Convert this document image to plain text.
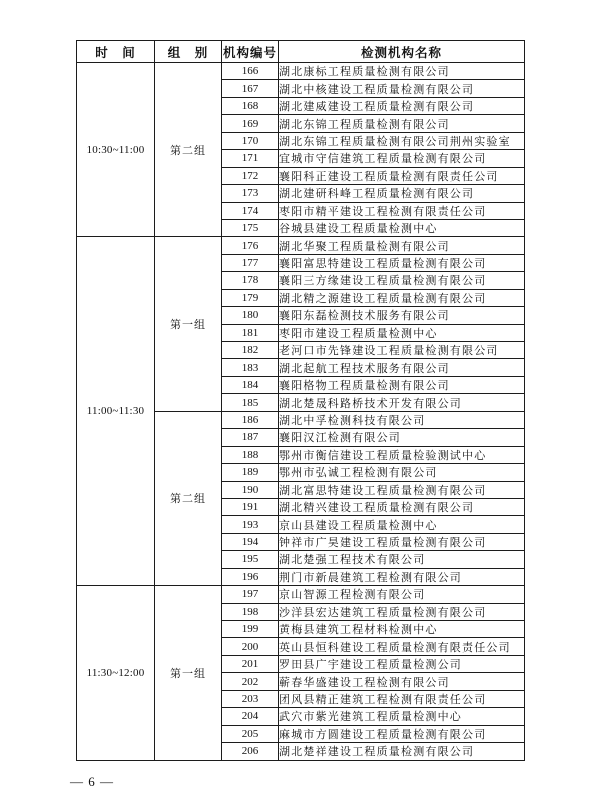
时　间	组　别	机构编号	检测机构名称
10:30~11:00	第二组	166	湖北康标工程质量检测有限公司
		167	湖北中核建设工程质量检测有限公司
		168	湖北建威建设工程质量检测有限公司
		169	湖北东锦工程质量检测有限公司
		170	湖北东锦工程质量检测有限公司荆州实验室
		171	宜城市守信建筑工程质量检测有限公司
		172	襄阳科正建设工程质量检测有限责任公司
		173	湖北建研科峰工程质量检测有限公司
		174	枣阳市精平建设工程检测有限责任公司
		175	谷城县建设工程质量检测中心
11:00~11:30	第一组	176	湖北华聚工程质量检测有限公司
		177	襄阳富思特建设工程质量检测有限公司
		178	襄阳三方缘建设工程质量检测有限公司
		179	湖北精之源建设工程质量检测有限公司
		180	襄阳东磊检测技术服务有限公司
		181	枣阳市建设工程质量检测中心
		182	老河口市先锋建设工程质量检测有限公司
		183	湖北起航工程技术服务有限公司
		184	襄阳格物工程质量检测有限公司
		185	湖北楚晟科路桥技术开发有限公司
	第二组	186	湖北中孚检测科技有限公司
		187	襄阳汉江检测有限公司
		188	鄂州市衡信建设工程质量检验测试中心
		189	鄂州市弘诚工程检测有限公司
		190	湖北富思特建设工程质量检测有限公司
		191	湖北精兴建设工程质量检测有限公司
		193	京山县建设工程质量检测中心
		194	钟祥市广昊建设工程质量检测有限公司
		195	湖北楚强工程技术有限公司
		196	荆门市新晨建筑工程检测有限公司
11:30~12:00	第一组	197	京山智源工程检测有限公司
		198	沙洋县宏达建筑工程质量检测有限公司
		199	黄梅县建筑工程材料检测中心
		200	英山县恒科建设工程质量检测有限责任公司
		201	罗田县广宇建设工程质量检测公司
		202	蕲春华盛建设工程检测有限公司
		203	团风县精正建筑工程检测有限责任公司
		204	武穴市紫光建筑工程质量检测中心
		205	麻城市方圆建设工程质量检测有限公司
		206	湖北楚祥建设工程质量检测有限公司
— 6 —
